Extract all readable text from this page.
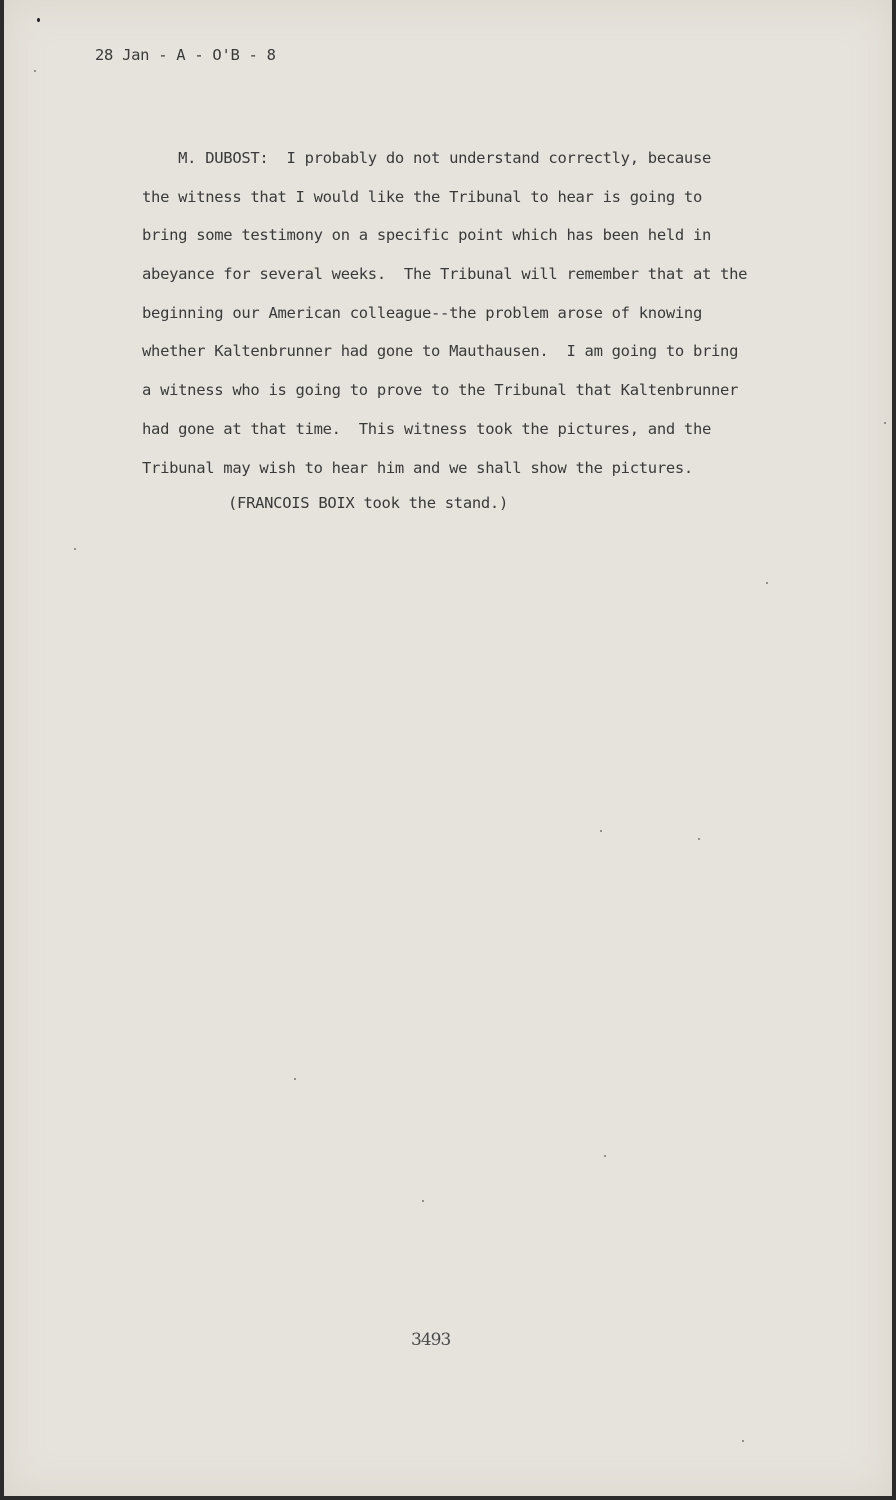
28 Jan - A - O'B - 8
M. DUBOST:  I probably do not understand correctly, because
the witness that I would like the Tribunal to hear is going to
bring some testimony on a specific point which has been held in
abeyance for several weeks.  The Tribunal will remember that at the
beginning our American colleague--the problem arose of knowing
whether Kaltenbrunner had gone to Mauthausen.  I am going to bring
a witness who is going to prove to the Tribunal that Kaltenbrunner
had gone at that time.  This witness took the pictures, and the
Tribunal may wish to hear him and we shall show the pictures.
(FRANCOIS BOIX took the stand.)
3493
